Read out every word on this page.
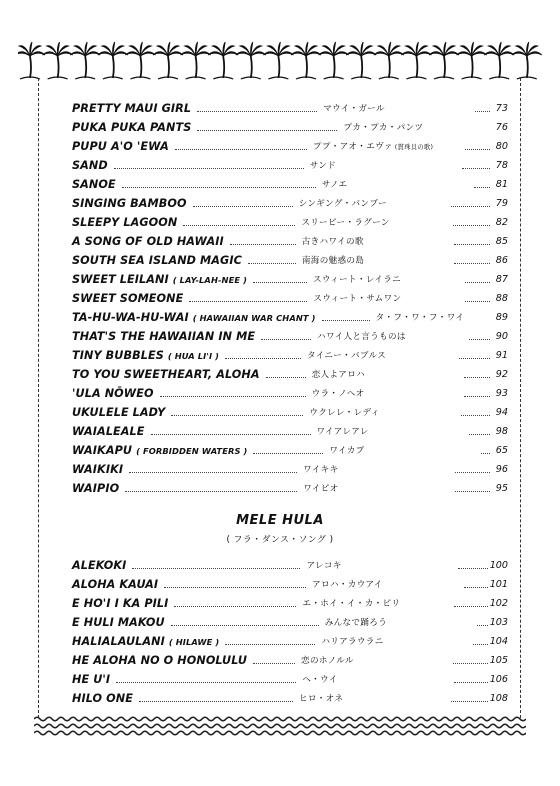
PRETTY MAUI GIRL	マウイ・ガール	73
PUKA PUKA PANTS	プカ・プカ・パンツ	76
PUPU A'O 'EWA	ププ・アオ・エヴァ (貫珠貝の歌)	80
SAND	サンド	78
SANOE	サノエ	81
SINGING BAMBOO	シンギング・バンブー	79
SLEEPY LAGOON	スリーピー・ラグーン	82
A SONG OF OLD HAWAII	古きハワイの歌	85
SOUTH SEA ISLAND MAGIC	南海の魅惑の島	86
SWEET LEILANI ( LAY-LAH-NEE )	スウィート・レイラニ	87
SWEET SOMEONE	スウィート・サムワン	88
TA-HU-WA-HU-WAI ( HAWAIIAN WAR CHANT )	タ・フ・ワ・フ・ワイ	89
THAT'S THE HAWAIIAN IN ME	ハワイ人と言うものは	90
TINY BUBBLES ( HUA LI'I )	タイニー・バブルス	91
TO YOU SWEETHEART, ALOHA	恋人よアロハ	92
'ULA NŌWEO	ウラ・ノヘオ	93
UKULELE LADY	ウクレレ・レディ	94
WAIALEALE	ワイアレアレ	98
WAIKAPU ( FORBIDDEN WATERS )	ワイカプ	65
WAIKIKI	ワイキキ	96
WAIPIO	ワイピオ	95
MELE HULA
( フラ・ダンス・ソング )
ALEKOKI	アレコキ	100
ALOHA KAUAI	アロハ・カウアイ	101
E HO'I I KA PILI	エ・ホイ・イ・カ・ピリ	102
E HULI MAKOU	みんなで踊ろう	103
HALIALAULANI ( HILAWE )	ハリアラウラニ	104
HE ALOHA NO O HONOLULU	恋のホノルル	105
HE U'I	ヘ・ウイ	106
HILO ONE	ヒロ・オネ	108
